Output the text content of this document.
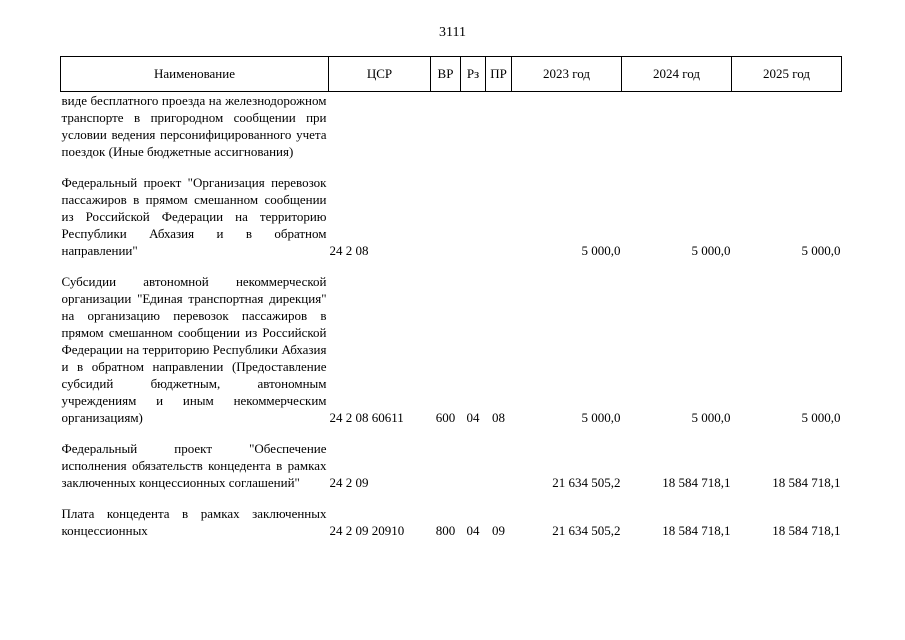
3111
Наименование	ЦСР	ВР	Рз	ПР	2023 год	2024 год	2025 год
виде бесплатного проезда на железнодорожном транспорте в пригородном сообщении при условии ведения персонифицированного учета поездок (Иные бюджетные ассигнования)							
Федеральный проект "Организация перевозок пассажиров в прямом смешанном сообщении из Российской Федерации на территорию Республики Абхазия и в обратном направлении"	24 2 08				5 000,0	5 000,0	5 000,0
Субсидии автономной некоммерческой организации "Единая транспортная дирекция" на организацию перевозок пассажиров в прямом смешанном сообщении из Российской Федерации на территорию Республики Абхазия и в обратном направлении (Предоставление субсидий бюджетным, автономным учреждениям и иным некоммерческим организациям)	24 2 08 60611	600	04	08	5 000,0	5 000,0	5 000,0
Федеральный проект "Обеспечение исполнения обязательств концедента в рамках заключенных концессионных соглашений"	24 2 09				21 634 505,2	18 584 718,1	18 584 718,1
Плата концедента в рамках заключенных концессионных	24 2 09 20910	800	04	09	21 634 505,2	18 584 718,1	18 584 718,1
